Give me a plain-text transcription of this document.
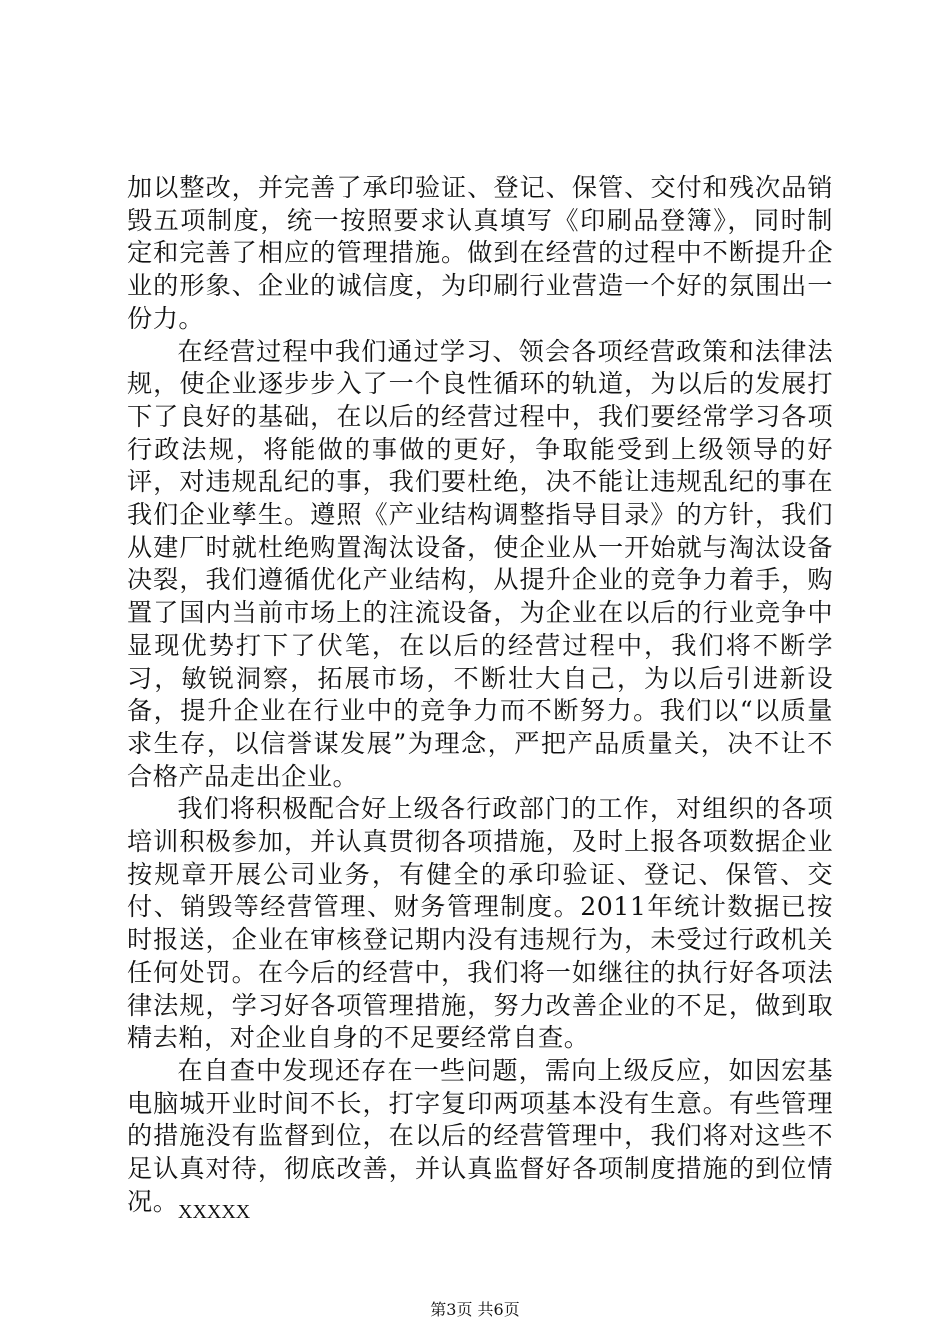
加以整改，并完善了承印验证、登记、保管、交付和残次品销毁五项制度，统一按照要求认真填写《印刷品登簿》，同时制定和完善了相应的管理措施。做到在经营的过程中不断提升企业的形象、企业的诚信度，为印刷行业营造一个好的氛围出一份力。

在经营过程中我们通过学习、领会各项经营政策和法律法规，使企业逐步步入了一个良性循环的轨道，为以后的发展打下了良好的基础，在以后的经营过程中，我们要经常学习各项行政法规，将能做的事做的更好，争取能受到上级领导的好评，对违规乱纪的事，我们要杜绝，决不能让违规乱纪的事在我们企业孳生。遵照《产业结构调整指导目录》的方针，我们从建厂时就杜绝购置淘汰设备，使企业从一开始就与淘汰设备决裂，我们遵循优化产业结构，从提升企业的竞争力着手，购置了国内当前市场上的注流设备，为企业在以后的行业竞争中显现优势打下了伏笔，在以后的经营过程中，我们将不断学习，敏锐洞察，拓展市场，不断壮大自己，为以后引进新设备，提升企业在行业中的竞争力而不断努力。我们以“以质量求生存，以信誉谋发展”为理念，严把产品质量关，决不让不合格产品走出企业。

我们将积极配合好上级各行政部门的工作，对组织的各项培训积极参加，并认真贯彻各项措施，及时上报各项数据企业按规章开展公司业务，有健全的承印验证、登记、保管、交付、销毁等经营管理、财务管理制度。2011年统计数据已按时报送，企业在审核登记期内没有违规行为，未受过行政机关任何处罚。在今后的经营中，我们将一如继往的执行好各项法律法规，学习好各项管理措施，努力改善企业的不足，做到取精去粕，对企业自身的不足要经常自查。

在自查中发现还存在一些问题，需向上级反应，如因宏基电脑城开业时间不长，打字复印两项基本没有生意。有些管理的措施没有监督到位，在以后的经营管理中，我们将对这些不足认真对待，彻底改善，并认真监督好各项制度措施的到位情况。 XXXXX
第3页 共6页
